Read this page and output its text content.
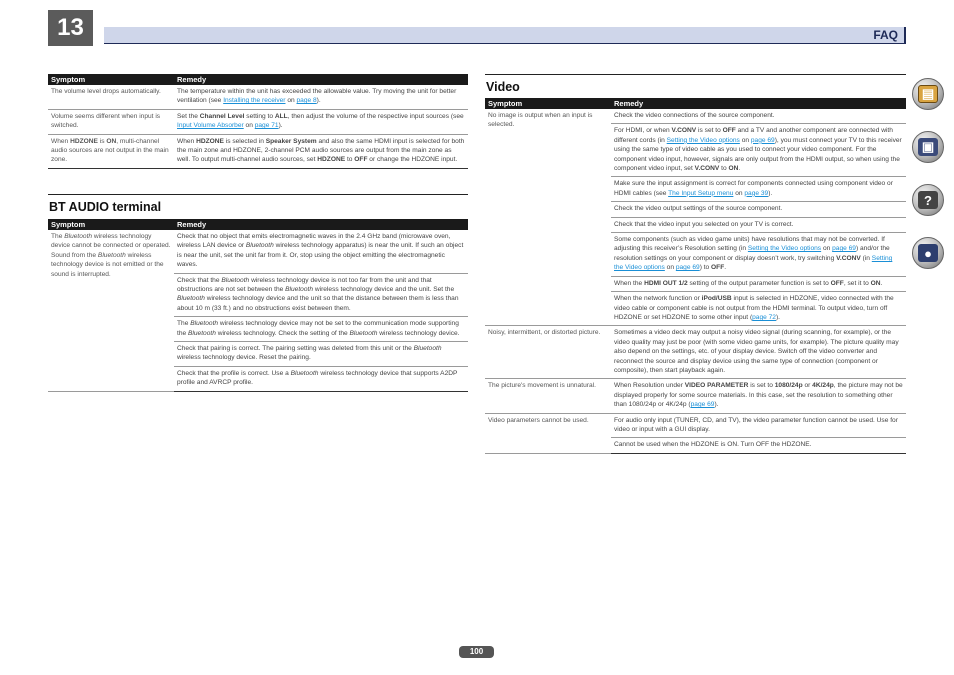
13	FAQ
Symptom	Remedy
The volume level drops automatically.	The temperature within the unit has exceeded the allowable value. Try moving the unit for better ventilation (see Installing the receiver on page 8).
Volume seems different when input is switched.	Set the Channel Level setting to ALL, then adjust the volume of the respective input sources (see Input Volume Absorber on page 71).
When HDZONE is ON, multi-channel audio sources are not output in the main zone.	When HDZONE is selected in Speaker System and also the same HDMI input is selected for both the main zone and HDZONE, 2-channel PCM audio sources are output from the main zone as well. To output multi-channel audio sources, set HDZONE to OFF or change the HDZONE input.
BT AUDIO terminal
Symptom	Remedy
The Bluetooth wireless technology device cannot be connected or operated. Sound from the Bluetooth wireless technology device is not emitted or the sound is interrupted.	Check that no object that emits electromagnetic waves in the 2.4 GHz band (microwave oven, wireless LAN device or Bluetooth wireless technology apparatus) is near the unit. If such an object is near the unit, set the unit far from it. Or, stop using the object emitting the electromagnetic waves.
	Check that the Bluetooth wireless technology device is not too far from the unit and that obstructions are not set between the Bluetooth wireless technology device and the unit. Set the Bluetooth wireless technology device and the unit so that the distance between them is less than about 10 m (33 ft.) and no obstructions exist between them.
	The Bluetooth wireless technology device may not be set to the communication mode supporting the Bluetooth wireless technology. Check the setting of the Bluetooth wireless technology device.
	Check that pairing is correct. The pairing setting was deleted from this unit or the Bluetooth wireless technology device. Reset the pairing.
	Check that the profile is correct. Use a Bluetooth wireless technology device that supports A2DP profile and AVRCP profile.
Video
Symptom	Remedy
No image is output when an input is selected.	Check the video connections of the source component.
	For HDMI, or when V.CONV is set to OFF and a TV and another component are connected with different cords (in Setting the Video options on page 69), you must connect your TV to this receiver using the same type of video cable as you used to connect your video component. For the component video input, however, signals are only output from the HDMI output, so when using the component video input, set V.CONV to ON.
	Make sure the input assignment is correct for components connected using component video or HDMI cables (see The Input Setup menu on page 39).
	Check the video output settings of the source component.
	Check that the video input you selected on your TV is correct.
	Some components (such as video game units) have resolutions that may not be converted. If adjusting this receiver’s Resolution setting (in Setting the Video options on page 69) and/or the resolution settings on your component or display doesn’t work, try switching V.CONV (in Setting the Video options on page 69) to OFF.
	When the HDMI OUT 1/2 setting of the output parameter function is set to OFF, set it to ON.
	When the network function or iPod/USB input is selected in HDZONE, video connected with the video cable or component cable is not output from the HDMI terminal. To output video, turn off HDZONE or set HDZONE to some other input (page 72).
Noisy, intermittent, or distorted picture.	Sometimes a video deck may output a noisy video signal (during scanning, for example), or the video quality may just be poor (with some video game units, for example). The picture quality may also depend on the settings, etc. of your display device. Switch off the video converter and reconnect the source and display device using the same type of connection (component or composite), then start playback again.
The picture's movement is unnatural.	When Resolution under VIDEO PARAMETER is set to 1080/24p or 4K/24p, the picture may not be displayed properly for some source materials. In this case, set the resolution to something other than 1080/24p or 4K/24p (page 69).
Video parameters cannot be used.	For audio only input (TUNER, CD, and TV), the video parameter function cannot be used. Use for video or input with a GUI display.
	Cannot be used when the HDZONE is ON. Turn OFF the HDZONE.
▤
▣
?
●
100
